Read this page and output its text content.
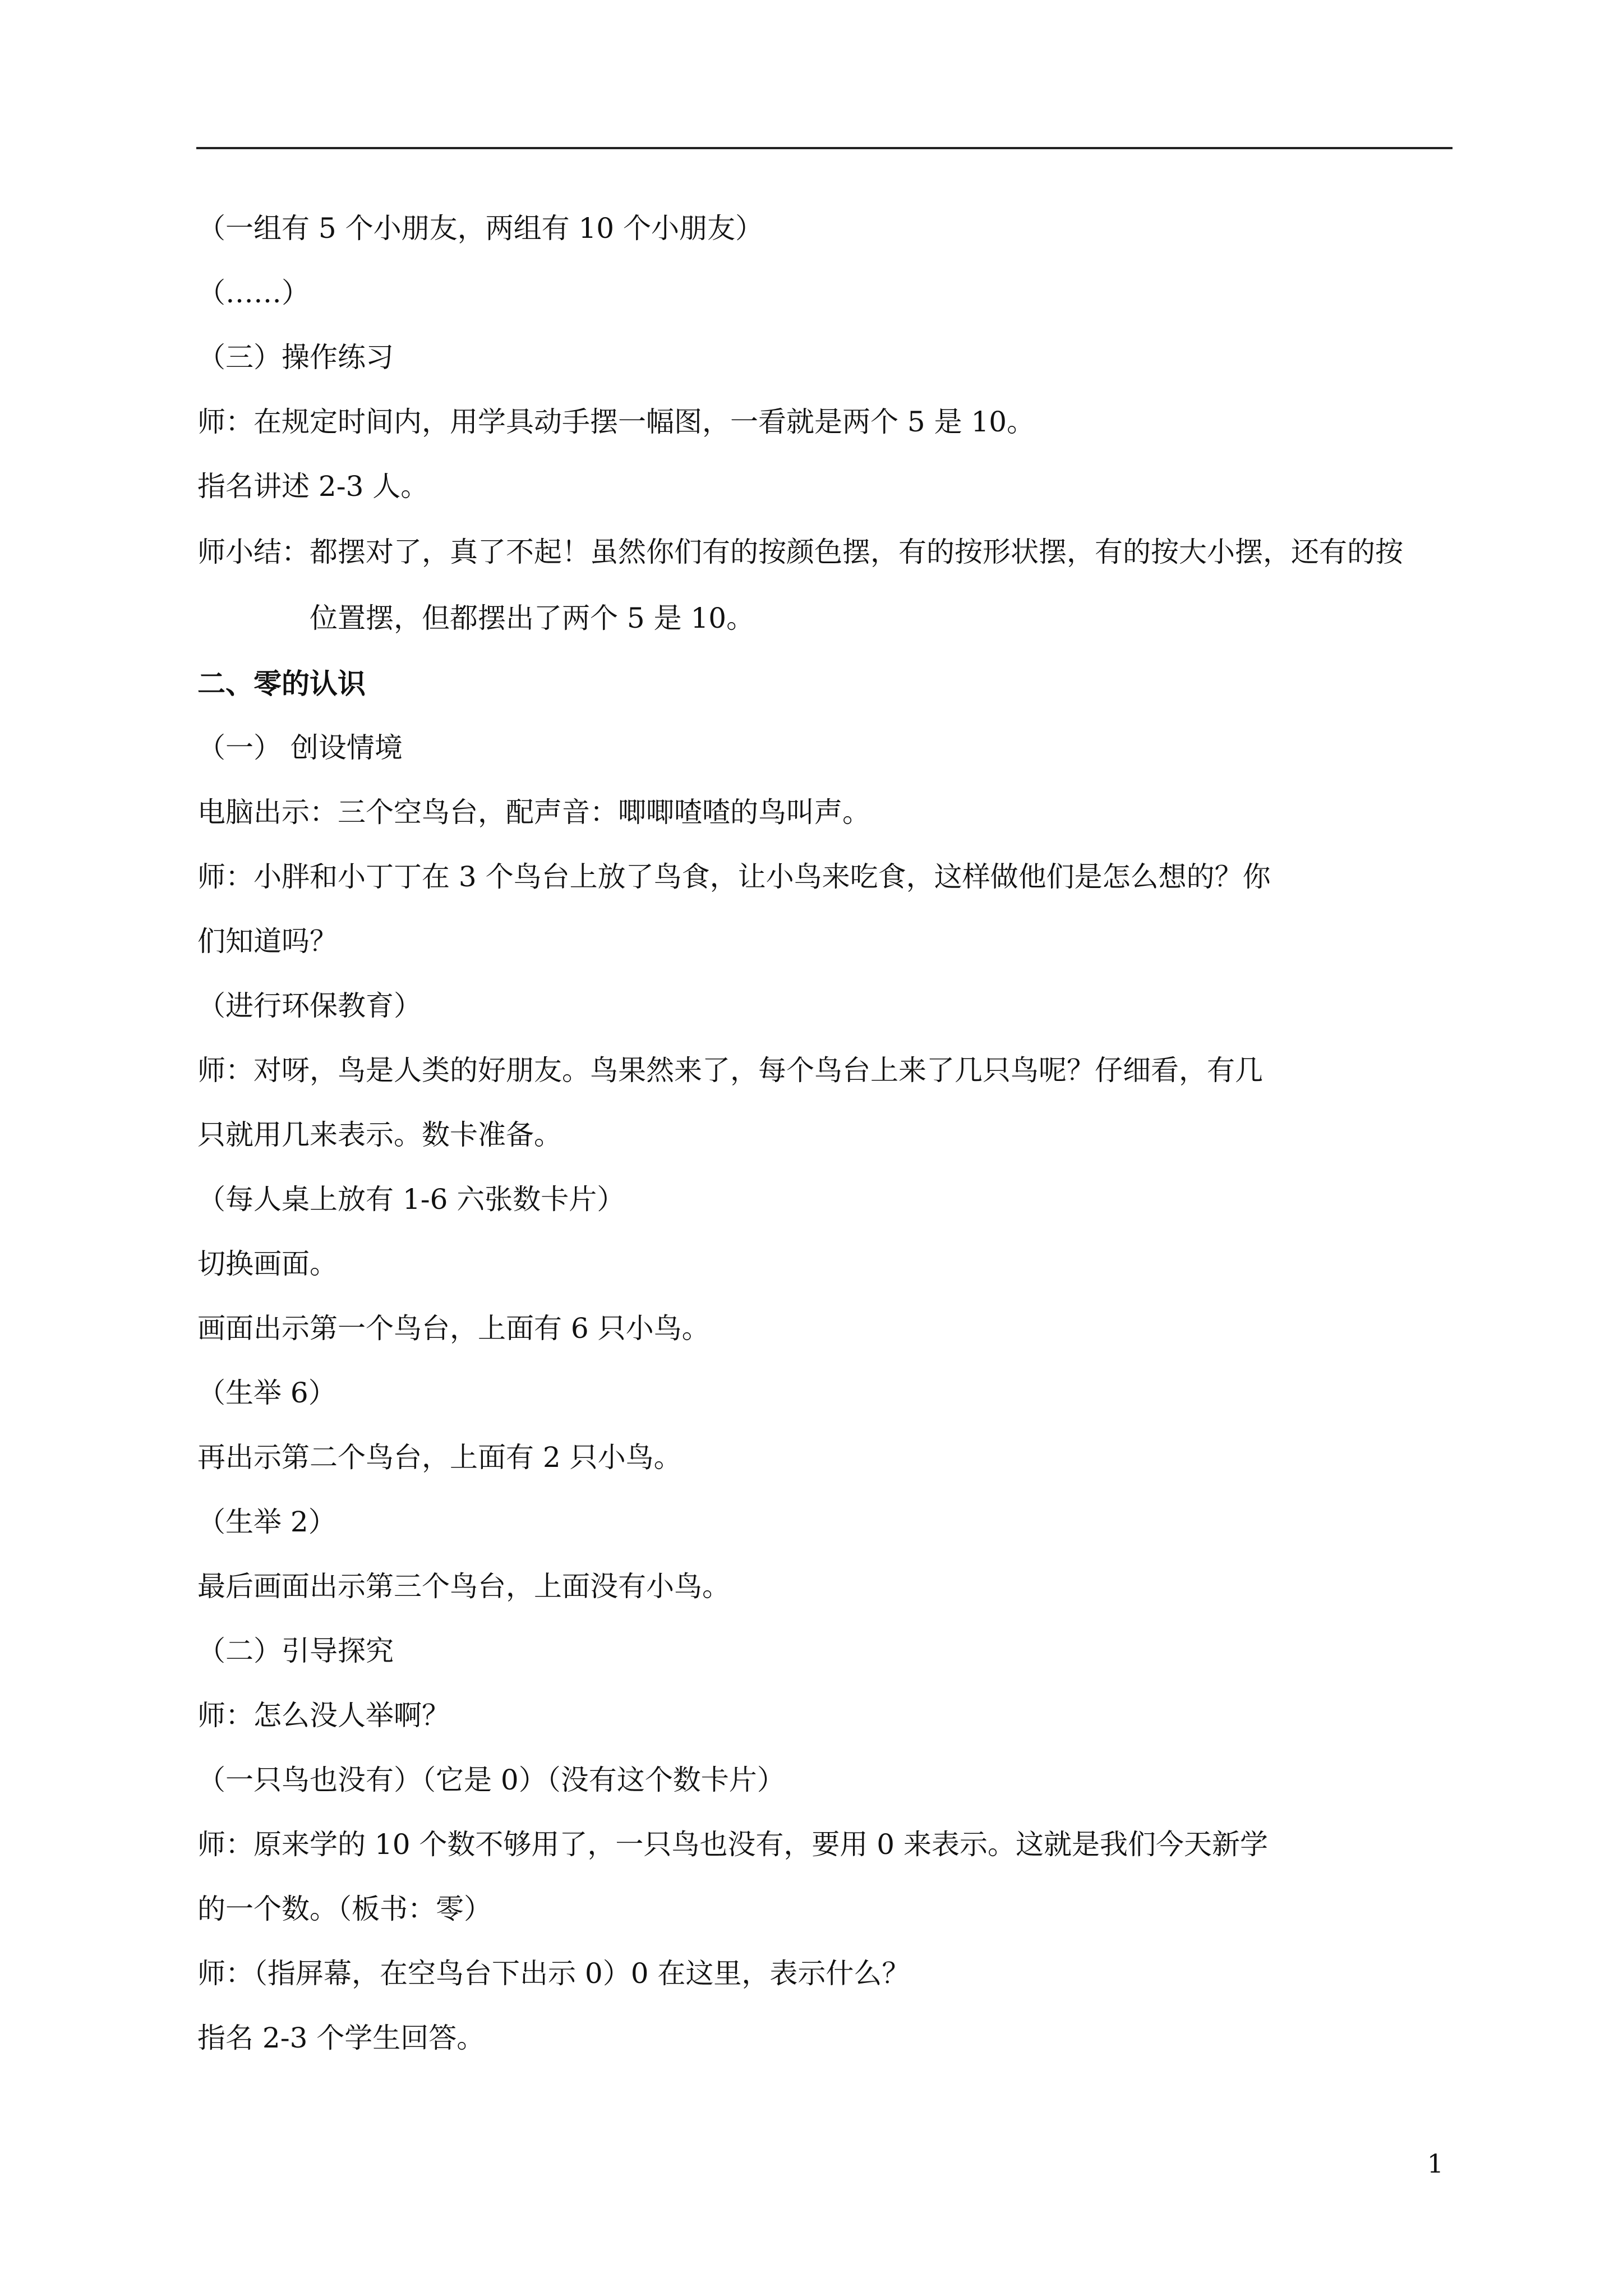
（一组有 5 个小朋友，两组有 10 个小朋友）
（……）
（三）操作练习
师：在规定时间内，用学具动手摆一幅图，一看就是两个 5 是 10。
指名讲述 2-3 人。
师小结： 都摆对了，真了不起！虽然你们有的按颜色摆，有的按形状摆，有的按大小摆，还有的按位置摆，但都摆出了两个 5 是 10。
二、零的认识
（一） 创设情境
电脑出示：三个空鸟台，配声音：唧唧喳喳的鸟叫声。
师：小胖和小丁丁在 3 个鸟台上放了鸟食，让小鸟来吃食，这样做他们是怎么想的？你
们知道吗？
（进行环保教育）
师：对呀，鸟是人类的好朋友。鸟果然来了，每个鸟台上来了几只鸟呢？仔细看，有几
只就用几来表示。数卡准备。
（每人桌上放有 1-6 六张数卡片）
切换画面。
画面出示第一个鸟台，上面有 6 只小鸟。
（生举 6）
再出示第二个鸟台，上面有 2 只小鸟。
（生举 2）
最后画面出示第三个鸟台，上面没有小鸟。
（二）引导探究
师：怎么没人举啊？
（一只鸟也没有）（它是 0）（没有这个数卡片）
师：原来学的 10 个数不够用了，一只鸟也没有，要用 0 来表示。这就是我们今天新学
的一个数。（板书：零）
师：（指屏幕，在空鸟台下出示 0）0 在这里，表示什么？
指名 2-3 个学生回答。
1
